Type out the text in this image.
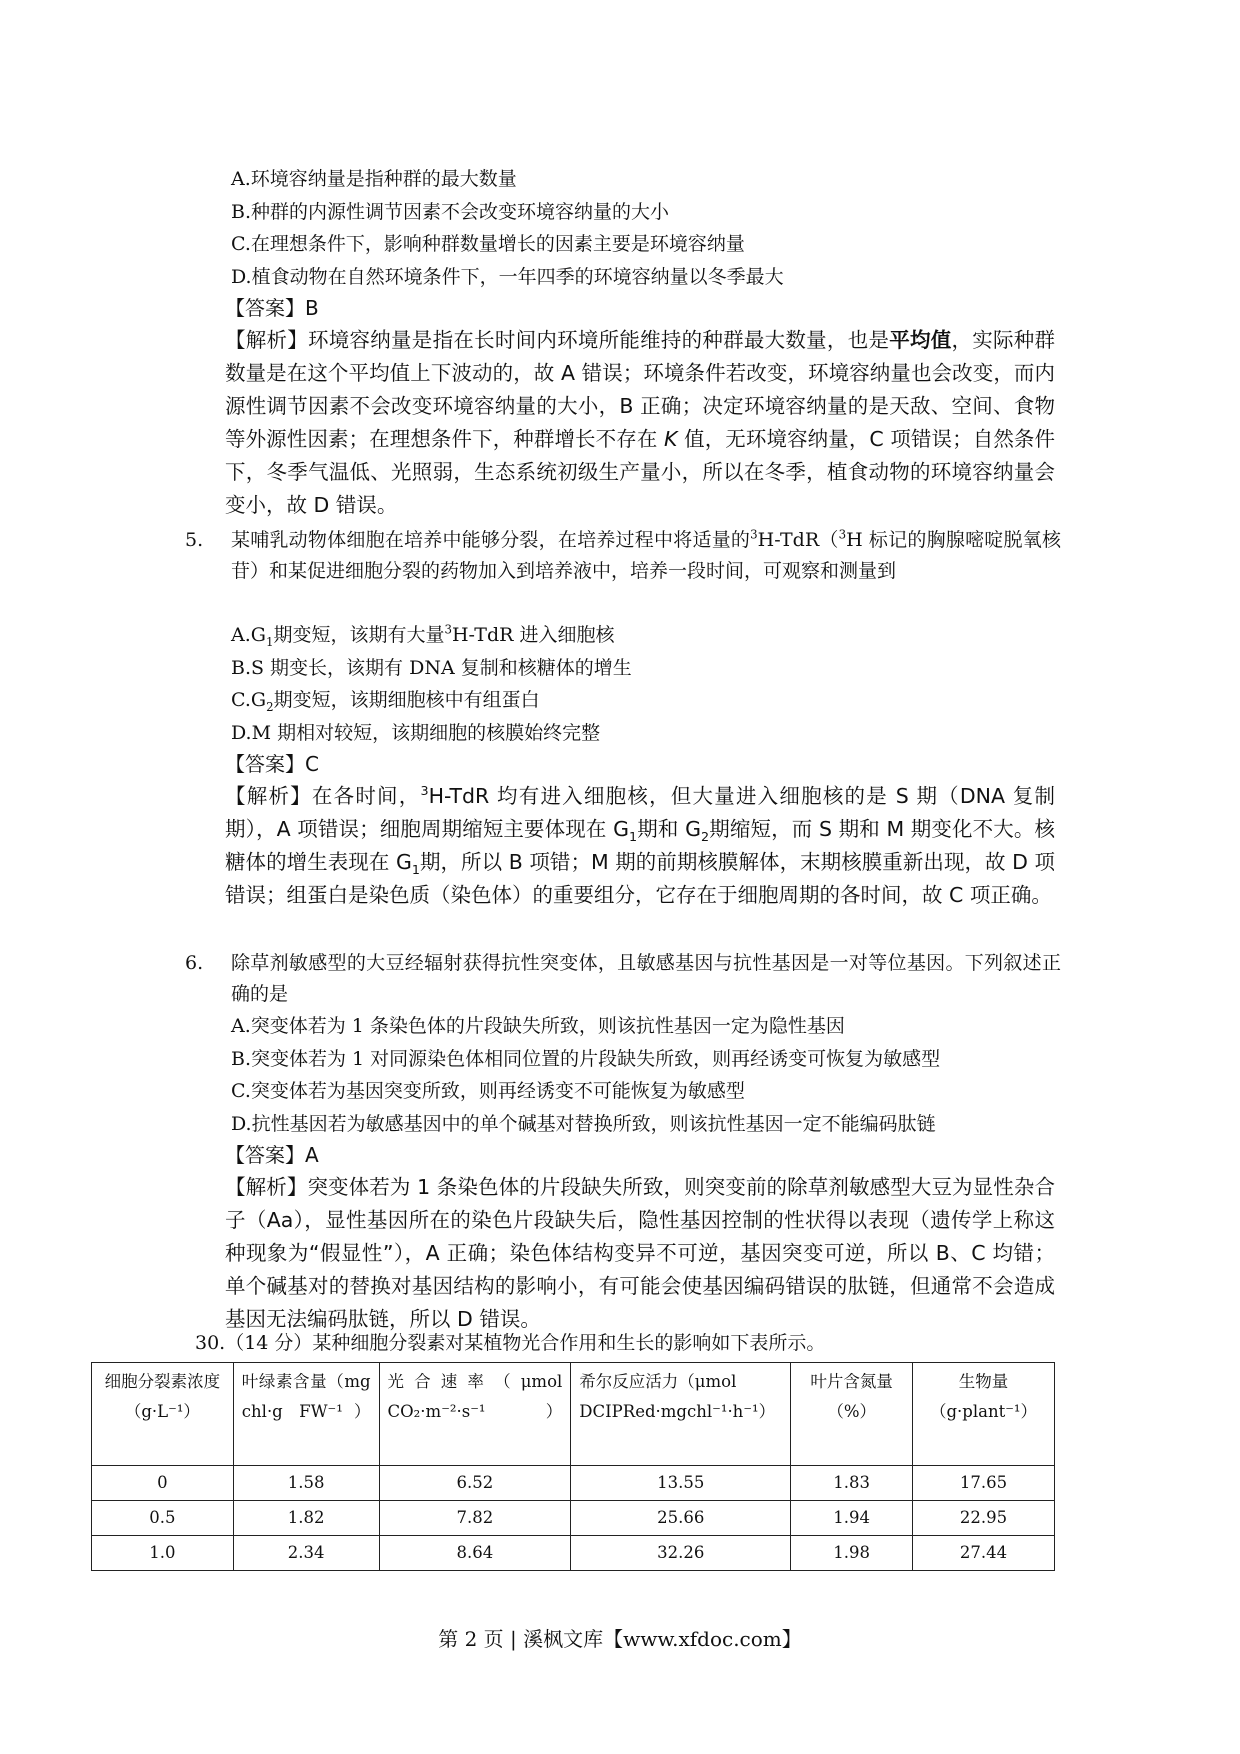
A.环境容纳量是指种群的最大数量
B.种群的内源性调节因素不会改变环境容纳量的大小
C.在理想条件下，影响种群数量增长的因素主要是环境容纳量
D.植食动物在自然环境条件下，一年四季的环境容纳量以冬季最大
【答案】B
【解析】环境容纳量是指在长时间内环境所能维持的种群最大数量，也是平均值，实际种群数量是在这个平均值上下波动的，故 A 错误；环境条件若改变，环境容纳量也会改变，而内源性调节因素不会改变环境容纳量的大小，B 正确；决定环境容纳量的是天敌、空间、食物等外源性因素；在理想条件下，种群增长不存在 K 值，无环境容纳量，C 项错误；自然条件下，冬季气温低、光照弱，生态系统初级生产量小，所以在冬季，植食动物的环境容纳量会变小，故 D 错误。
5. 某哺乳动物体细胞在培养中能够分裂，在培养过程中将适量的$^3$H-TdR（$^3$H 标记的胸腺嘧啶脱氧核苷）和某促进细胞分裂的药物加入到培养液中，培养一段时间，可观察和测量到
$A.G_1$期变短，该期有大量$^3$H-TdR 进入细胞核
B.S 期变长，该期有 DNA 复制和核糖体的增生
$C.G_2$期变短，该期细胞核中有组蛋白
D.M 期相对较短，该期细胞的核膜始终完整
【答案】C
【解析】在各时间，$^3$H-TdR 均有进入细胞核，但大量进入细胞核的是 S 期（DNA 复制期），A 项错误；细胞周期缩短主要体现在 $G_1$期和 $G_2$期缩短，而 S 期和 M 期变化不大。核糖体的增生表现在 $G_1$期，所以 B 项错；M 期的前期核膜解体，末期核膜重新出现，故 D 项错误；组蛋白是染色质（染色体）的重要组分，它存在于细胞周期的各时间，故 C 项正确。
6. 除草剂敏感型的大豆经辐射获得抗性突变体，且敏感基因与抗性基因是一对等位基因。下列叙述正确的是
A.突变体若为 1 条染色体的片段缺失所致，则该抗性基因一定为隐性基因
B.突变体若为 1 对同源染色体相同位置的片段缺失所致，则再经诱变可恢复为敏感型
C.突变体若为基因突变所致，则再经诱变不可能恢复为敏感型
D.抗性基因若为敏感基因中的单个碱基对替换所致，则该抗性基因一定不能编码肽链
【答案】A
【解析】突变体若为 1 条染色体的片段缺失所致，则突变前的除草剂敏感型大豆为显性杂合子（Aa），显性基因所在的染色片段缺失后，隐性基因控制的性状得以表现（遗传学上称这种现象为“假显性”），A 正确；染色体结构变异不可逆，基因突变可逆，所以 B、C 均错；单个碱基对的替换对基因结构的影响小，有可能会使基因编码错误的肽链，但通常不会造成基因无法编码肽链，所以 D 错误。
30.（14 分）某种细胞分裂素对某植物光合作用和生长的影响如下表所示。
细胞分裂素浓度（g·L⁻¹）	叶绿素含量（mg chl·g FW⁻¹）	光合速率（μmol CO₂·m⁻²·s⁻¹）	希尔反应活力（μmol DCIPRed·mgchl⁻¹·h⁻¹）	叶片含氮量（%）	生物量（g·plant⁻¹）
0	1.58	6.52	13.55	1.83	17.65
0.5	1.82	7.82	25.66	1.94	22.95
1.0	2.34	8.64	32.26	1.98	27.44
第 2 页 | 溪枫文库【www.xfdoc.com】
